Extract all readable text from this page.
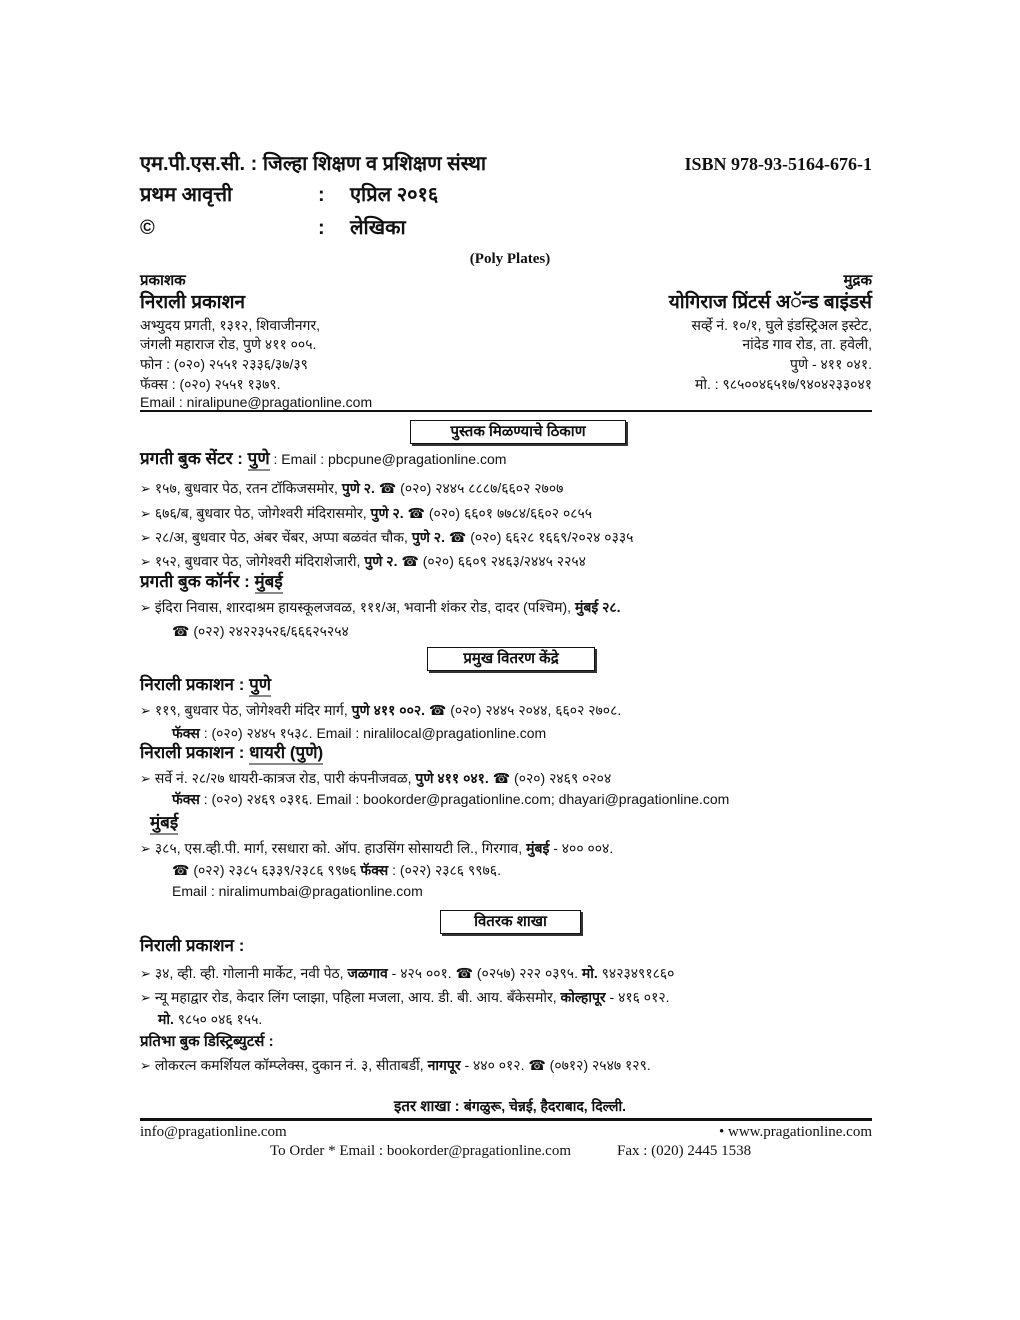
एम.पी.एस.सी. : जिल्हा शिक्षण व प्रशिक्षण संस्था	ISBN 978-93-5164-676-1
प्रथम आवृत्ती	: एप्रिल २०१६
©	: लेखिका
(Poly Plates)
प्रकाशक
निराली प्रकाशन
अभ्युदय प्रगती, १३१२, शिवाजीनगर,
जंगली महाराज रोड, पुणे ४११ ००५.
फोन : (०२०) २५५१ २३३६/३७/३९
फॅक्स : (०२०) २५५१ १३७९.
Email : niralipune@pragationline.com
मुद्रक
योगिराज प्रिंटर्स अॅन्ड बाइंडर्स
सर्व्हे नं. १०/१, घुले इंडस्ट्रिअल इस्टेट,
नांदेड गाव रोड, ता. हवेली,
पुणे - ४११ ०४१.
मो. : ९८५००४६५१७/९४०४२३३०४१
पुस्तक मिळण्याचे ठिकाण
प्रगती बुक सेंटर : पुणे : Email : pbcpune@pragationline.com
➢ १५७, बुधवार पेठ, रतन टॉकिजसमोर, पुणे २. ☎ (०२०) २४४५ ८८८७/६६०२ २७०७
➢ ६७६/ब, बुधवार पेठ, जोगेश्वरी मंदिरासमोर, पुणे २. ☎ (०२०) ६६०१ ७७८४/६६०२ ०८५५
➢ २८/अ, बुधवार पेठ, अंबर चेंबर, अप्पा बळवंत चौक, पुणे २. ☎ (०२०) ६६२८ १६६९/२०२४ ०३३५
➢ १५२, बुधवार पेठ, जोगेश्वरी मंदिराशेजारी, पुणे २. ☎ (०२०) ६६०९ २४६३/२४४५ २२५४
प्रगती बुक कॉर्नर : मुंबई
➢ इंदिरा निवास, शारदाश्रम हायस्कूलजवळ, १११/अ, भवानी शंकर रोड, दादर (पश्चिम), मुंबई २८.
☎ (०२२) २४२२३५२६/६६६२५२५४
प्रमुख वितरण केंद्रे
निराली प्रकाशन : पुणे
➢ ११९, बुधवार पेठ, जोगेश्वरी मंदिर मार्ग, पुणे ४११ ००२. ☎ (०२०) २४४५ २०४४, ६६०२ २७०८.
फॅक्स : (०२०) २४४५ १५३८. Email : niralilocal@pragationline.com
निराली प्रकाशन : धायरी (पुणे)
➢ सर्वे नं. २८/२७ धायरी-कात्रज रोड, पारी कंपनीजवळ, पुणे ४११ ०४१. ☎ (०२०) २४६९ ०२०४
फॅक्स : (०२०) २४६९ ०३१६. Email : bookorder@pragationline.com; dhayari@pragationline.com
मुंबई
➢ ३८५, एस.व्ही.पी. मार्ग, रसधारा को. ऑप. हाउसिंग सोसायटी लि., गिरगाव, मुंबई - ४०० ००४.
☎ (०२२) २३८५ ६३३९/२३८६ ९९७६ फॅक्स : (०२२) २३८६ ९९७६.
Email : niralimumbai@pragationline.com
वितरक शाखा
निराली प्रकाशन :
➢ ३४, व्ही. व्ही. गोलानी मार्केट, नवी पेठ, जळगाव - ४२५ ००१. ☎ (०२५७) २२२ ०३९५. मो. ९४२३४९१८६०
➢ न्यू महाद्वार रोड, केदार लिंग प्लाझा, पहिला मजला, आय. डी. बी. आय. बँकेसमोर, कोल्हापूर - ४१६ ०१२.
मो. ९८५० ०४६ १५५.
प्रतिभा बुक डिस्ट्रिब्युटर्स :
➢ लोकरत्न कमर्शियल कॉम्प्लेक्स, दुकान नं. ३, सीताबर्डी, नागपूर - ४४० ०१२. ☎ (०७१२) २५४७ १२९.
इतर शाखा : बंगळुरू, चेन्नई, हैदराबाद, दिल्ली.
info@pragationline.com	• www.pragationline.com
To Order * Email : bookorder@pragationline.com	Fax : (020) 2445 1538
